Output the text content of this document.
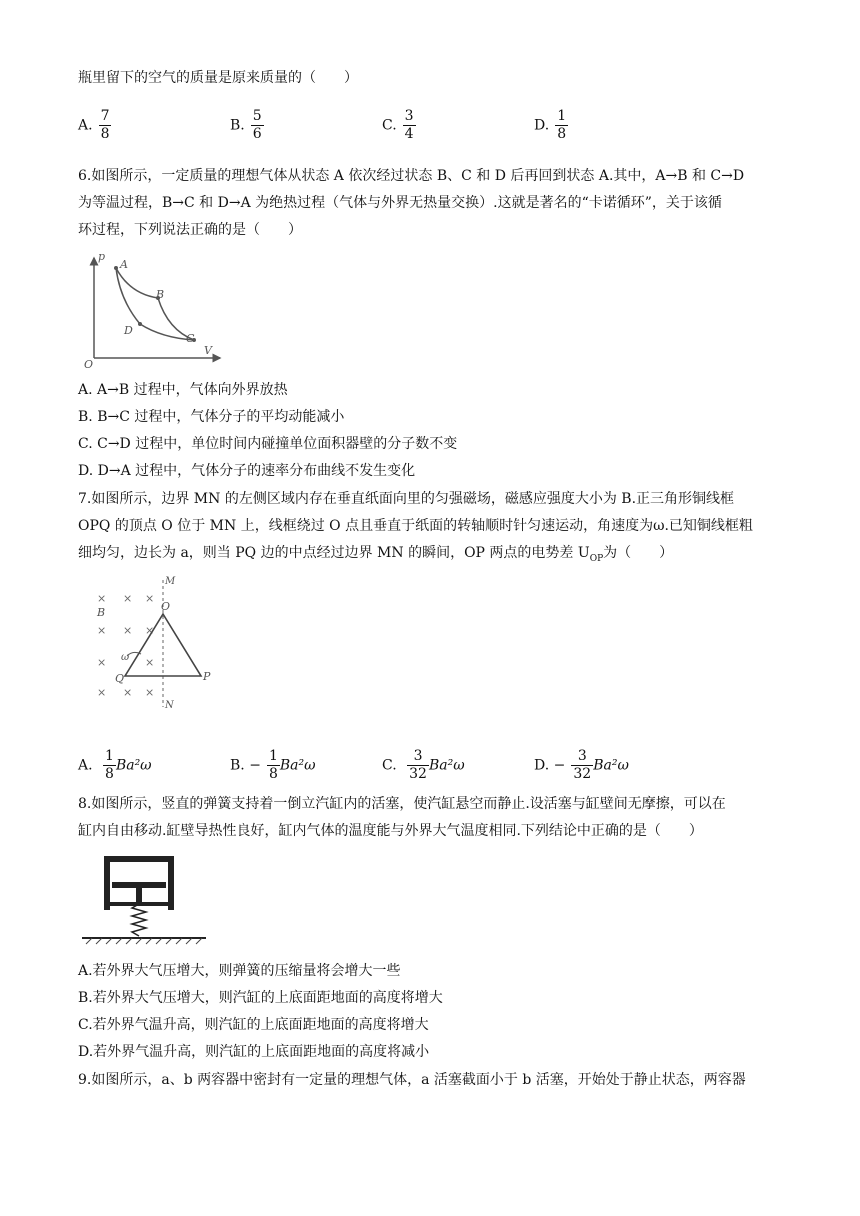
瓶里留下的空气的质量是原来质量的（　　）
A. $\frac{7}{8}$	B. $\frac{5}{6}$	C. $\frac{3}{4}$	D. $\frac{1}{8}$
6.如图所示，一定质量的理想气体从状态 A 依次经过状态 B、C 和 D 后再回到状态 A.其中，A→B 和 C→D
为等温过程，B→C 和 D→A 为绝热过程（气体与外界无热量交换）.这就是著名的“卡诺循环”，关于该循
环过程，下列说法正确的是（　　）
p
V
O
A
B
C
D
A. A→B 过程中，气体向外界放热
B. B→C 过程中，气体分子的平均动能减小
C. C→D 过程中，单位时间内碰撞单位面积器壁的分子数不变
D. D→A 过程中，气体分子的速率分布曲线不发生变化
7.如图所示，边界 MN 的左侧区域内存在垂直纸面向里的匀强磁场，磁感应强度大小为 B.正三角形铜线框
OPQ 的顶点 O 位于 MN 上，线框绕过 O 点且垂直于纸面的转轴顺时针匀速运动，角速度为ω.已知铜线框粗
细均匀，边长为 a，则当 PQ 边的中点经过边界 MN 的瞬间，OP 两点的电势差 $U_{OP}$为（　　）
M
N
B
× × ×
× ×
×
×	×
× × ×
O
P
Q
ω
A. $\frac{1}{8} Ba^2\omega$	B. − $\frac{1}{8} Ba^2\omega$	C. $\frac{3}{32} Ba^2\omega$	D. − $\frac{3}{32} Ba^2\omega$
8.如图所示，竖直的弹簧支持着一倒立汽缸内的活塞，使汽缸悬空而静止.设活塞与缸壁间无摩擦，可以在
缸内自由移动.缸壁导热性良好，缸内气体的温度能与外界大气温度相同.下列结论中正确的是（　　）
A.若外界大气压增大，则弹簧的压缩量将会增大一些
B.若外界大气压增大，则汽缸的上底面距地面的高度将增大
C.若外界气温升高，则汽缸的上底面距地面的高度将增大
D.若外界气温升高，则汽缸的上底面距地面的高度将减小
9.如图所示，a、b 两容器中密封有一定量的理想气体，a 活塞截面小于 b 活塞，开始处于静止状态，两容器
